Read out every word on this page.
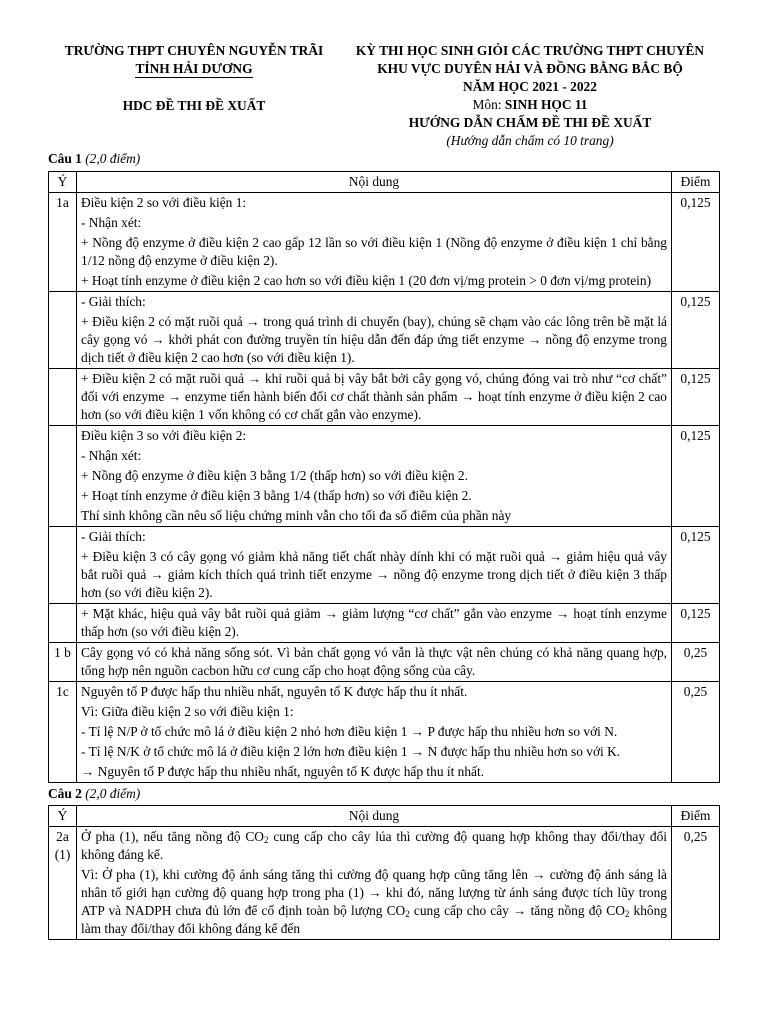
TRƯỜNG THPT CHUYÊN NGUYỄN TRÃI
TỈNH HẢI DƯƠNG
HDC ĐỀ THI ĐỀ XUẤT
KỲ THI HỌC SINH GIỎI CÁC TRƯỜNG THPT CHUYÊN
KHU VỰC DUYÊN HẢI VÀ ĐỒNG BẰNG BẮC BỘ
NĂM HỌC 2021 - 2022
Môn: SINH HỌC 11
HƯỚNG DẪN CHẤM ĐỀ THI ĐỀ XUẤT
(Hướng dẫn chấm có 10 trang)
Câu 1 (2,0 điểm)
Ý	Nội dung	Điểm
1a	Điều kiện 2 so với điều kiện 1:

- Nhận xét:

+ Nồng độ enzyme ở điều kiện 2 cao gấp 12 lần so với điều kiện 1 (Nồng độ enzyme ở điều kiện 1 chỉ bằng 1/12 nồng độ enzyme ở điều kiện 2).

+ Hoạt tính enzyme ở điều kiện 2 cao hơn so với điều kiện 1 (20 đơn vị/mg protein > 0 đơn vị/mg protein)	0,125

	- Giải thích:

+ Điều kiện 2 có mặt ruồi quả → trong quá trình di chuyển (bay), chúng sẽ chạm vào các lông trên bề mặt lá cây gọng vó → khởi phát con đường truyền tín hiệu dẫn đến đáp ứng tiết enzyme → nồng độ enzyme trong dịch tiết ở điều kiện 2 cao hơn (so với điều kiện 1).	0,125

	+ Điều kiện 2 có mặt ruồi quả → khi ruồi quả bị vây bắt bởi cây gọng vó, chúng đóng vai trò như “cơ chất” đối với enzyme → enzyme tiến hành biến đổi cơ chất thành sản phẩm → hoạt tính enzyme ở điều kiện 2 cao hơn (so với điều kiện 1 vốn không có cơ chất gắn vào enzyme).	0,125

	Điều kiện 3 so với điều kiện 2:

- Nhận xét:

+ Nồng độ enzyme ở điều kiện 3 bằng 1/2 (thấp hơn) so với điều kiện 2.

+ Hoạt tính enzyme ở điều kiện 3 bằng 1/4 (thấp hơn) so với điều kiện 2.

Thí sinh không cần nêu số liệu chứng minh vẫn cho tối đa số điểm của phần này	0,125

	- Giải thích:

+ Điều kiện 3 có cây gọng vó giảm khả năng tiết chất nhày dính khi có mặt ruồi quả → giảm hiệu quả vây bắt ruồi quả → giảm kích thích quá trình tiết enzyme → nồng độ enzyme trong dịch tiết ở điều kiện 3 thấp hơn (so với điều kiện 2).	0,125

	+ Mặt khác, hiệu quả vây bắt ruồi quả giảm → giảm lượng “cơ chất” gắn vào enzyme → hoạt tính enzyme thấp hơn (so với điều kiện 2).	0,125
1 b	Cây gọng vó có khả năng sống sót. Vì bản chất gọng vó vẫn là thực vật nên chúng có khả năng quang hợp, tổng hợp nên nguồn cacbon hữu cơ cung cấp cho hoạt động sống của cây.	0,25
1c	Nguyên tố P được hấp thu nhiều nhất, nguyên tố K được hấp thu ít nhất.

Vì: Giữa điều kiện 2 so với điều kiện 1:

- Tỉ lệ N/P ở tổ chức mô lá ở điều kiện 2 nhỏ hơn điều kiện 1 → P được hấp thu nhiều hơn so với N.

- Tỉ lệ N/K ở tổ chức mô lá ở điều kiện 2 lớn hơn điều kiện 1 → N được hấp thu nhiều hơn so với K.

→ Nguyên tố P được hấp thu nhiều nhất, nguyên tố K được hấp thu ít nhất.	0,25
Câu 2 (2,0 điểm)
Ý	Nội dung	Điểm
2a (1)	Ở pha (1), nếu tăng nồng độ $CO_2$ cung cấp cho cây lúa thì cường độ quang hợp không thay đổi/thay đổi không đáng kể.

Vì: Ở pha (1), khi cường độ ánh sáng tăng thì cường độ quang hợp cũng tăng lên → cường độ ánh sáng là nhân tố giới hạn cường độ quang hợp trong pha (1) → khi đó, năng lượng từ ánh sáng được tích lũy trong ATP và NADPH chưa đủ lớn để cố định toàn bộ lượng $CO_2$ cung cấp cho cây → tăng nồng độ $CO_2$ không làm thay đổi/thay đổi không đáng kể đến	0,25
